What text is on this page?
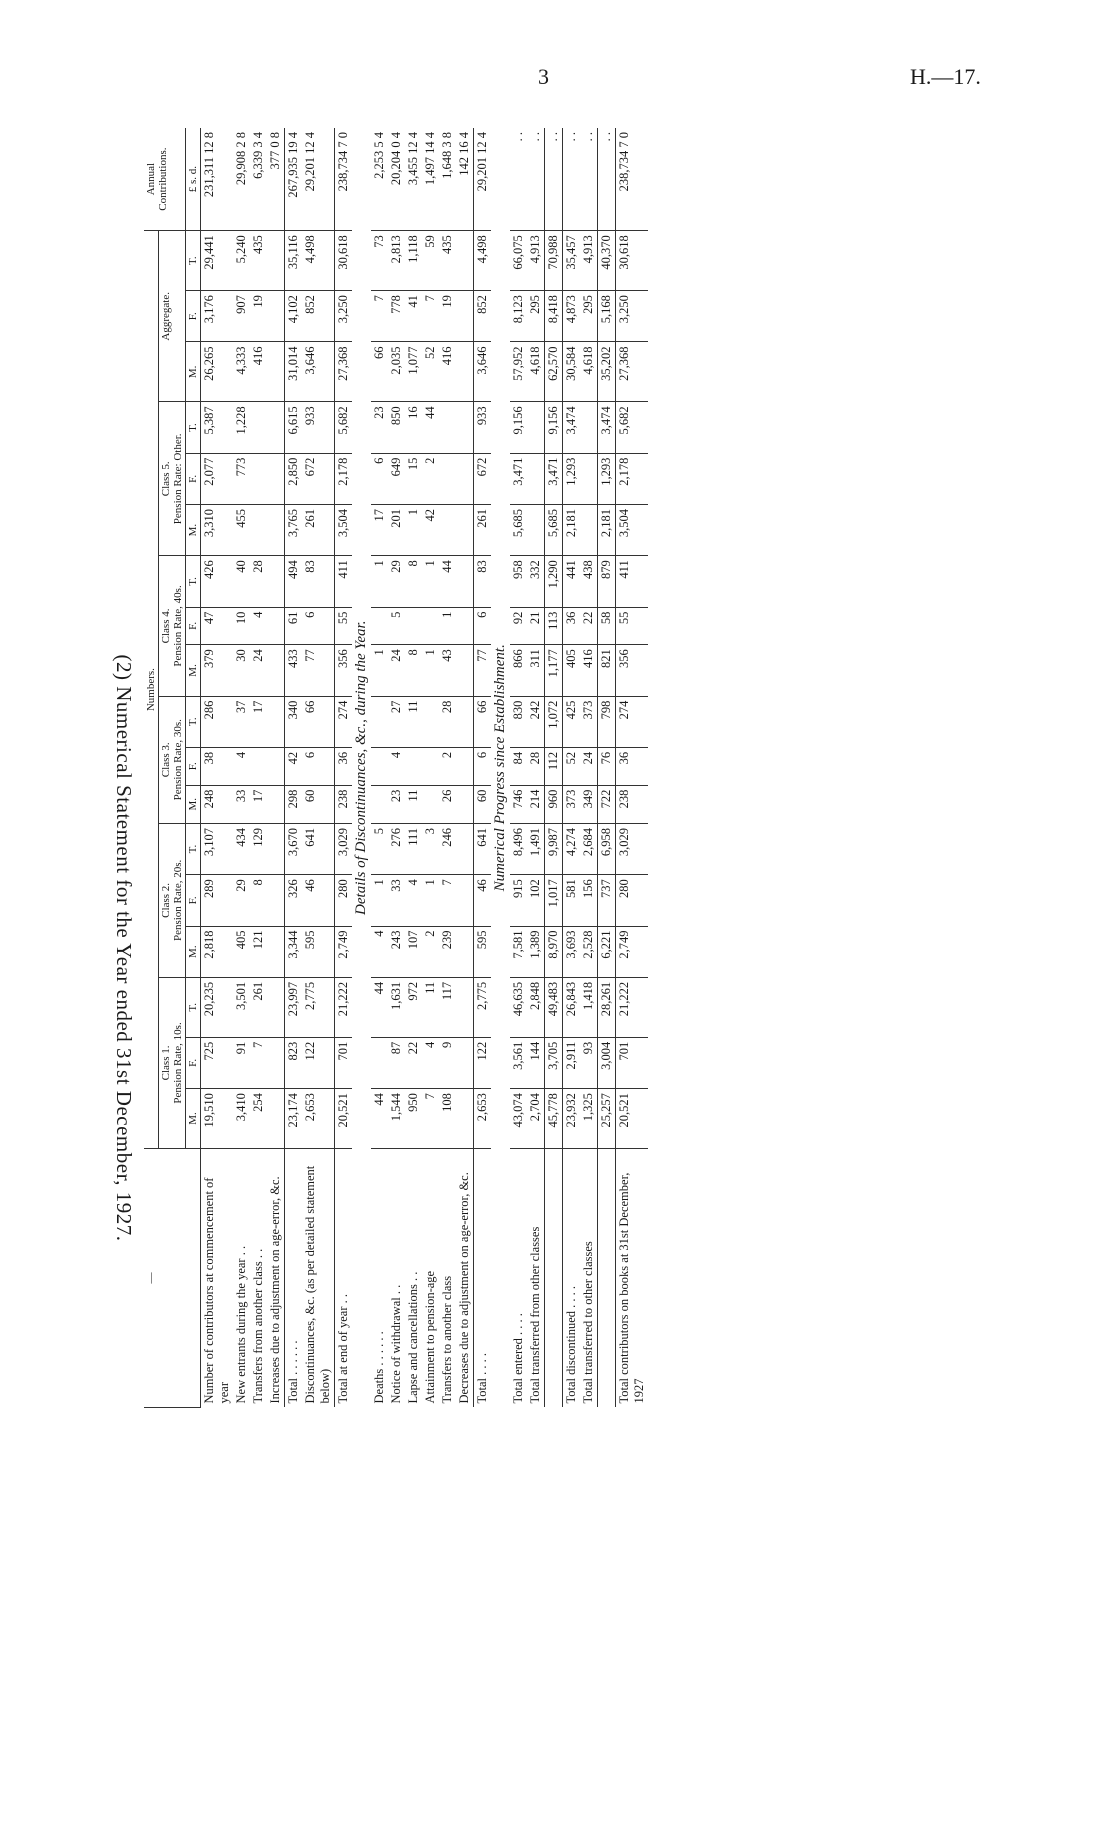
3	H.—17.
(2) Numerical Statement for the Year ended 31st December, 1927.
—	Numbers.																		Annual
Contributions.
	Class 1.
Pension Rate, 10s.			Class 2.
Pension Rate, 20s.			Class 3.
Pension Rate, 30s.			Class 4.
Pension Rate, 40s.			Class 5.
Pension Rate: Other.			Aggregate.			
	M.	F.	T.	M.	F.	T.	M.	F.	T.	M.	F.	T.	M.	F.	T.	M.	F.	T.	£ s. d.
Number of contributors at commencement of year	19,510	725	20,235	2,818	289	3,107	248	38	286	379	47	426	3,310	2,077	5,387	26,265	3,176	29,441	231,311 12 8
New entrants during the year . .	3,410	91	3,501	405	29	434	33	4	37	30	10	40	455	773	1,228	4,333	907	5,240	29,908 2 8
Transfers from another class . .	254	7	261	121	8	129	17		17	24	4	28				416	19	435	6,339 3 4
Increases due to adjustment on age-error, &c.																			377 0 8
Total . . . . . .	23,174	823	23,997	3,344	326	3,670	298	42	340	433	61	494	3,765	2,850	6,615	31,014	4,102	35,116	267,935 19 4
Discontinuances, &c. (as per detailed statement below)	2,653	122	2,775	595	46	641	60	6	66	77	6	83	261	672	933	3,646	852	4,498	29,201 12 4
Total at end of year . .	20,521	701	21,222	2,749	280	3,029	238	36	274	356	55	411	3,504	2,178	5,682	27,368	3,250	30,618	238,734 7 0
Details of Discontinuances, &c., during the Year.																			
Deaths . . . . . .	44		44	4	1	5				1		1	17	6	23	66	7	73	2,253 5 4
Notice of withdrawal . .	1,544	87	1,631	243	33	276	23	4	27	24	5	29	201	649	850	2,035	778	2,813	20,204 0 4
Lapse and cancellations . .	950	22	972	107	4	111	11		11	8		8	1	15	16	1,077	41	1,118	3,455 12 4
Attainment to pension-age	7	4	11	2	1	3				1		1	42	2	44	52	7	59	1,497 14 4
Transfers to another class	108	9	117	239	7	246	26	2	28	43	1	44				416	19	435	1,648 3 8
Decreases due to adjustment on age-error, &c.																			142 16 4
Total . . . .	2,653	122	2,775	595	46	641	60	6	66	77	6	83	261	672	933	3,646	852	4,498	29,201 12 4
Numerical Progress since Establishment.																			
Total entered . . . .	43,074	3,561	46,635	7,581	915	8,496	746	84	830	866	92	958	5,685	3,471	9,156	57,952	8,123	66,075	. .
Total transferred from other classes	2,704	144	2,848	1,389	102	1,491	214	28	242	311	21	332				4,618	295	4,913	. .
	45,778	3,705	49,483	8,970	1,017	9,987	960	112	1,072	1,177	113	1,290	5,685	3,471	9,156	62,570	8,418	70,988	. .
Total discontinued . . . .	23,932	2,911	26,843	3,693	581	4,274	373	52	425	405	36	441	2,181	1,293	3,474	30,584	4,873	35,457	. .
Total transferred to other classes	1,325	93	1,418	2,528	156	2,684	349	24	373	416	22	438				4,618	295	4,913	. .
	25,257	3,004	28,261	6,221	737	6,958	722	76	798	821	58	879	2,181	1,293	3,474	35,202	5,168	40,370	. .
Total contributors on books at 31st December, 1927	20,521	701	21,222	2,749	280	3,029	238	36	274	356	55	411	3,504	2,178	5,682	27,368	3,250	30,618	238,734 7 0
